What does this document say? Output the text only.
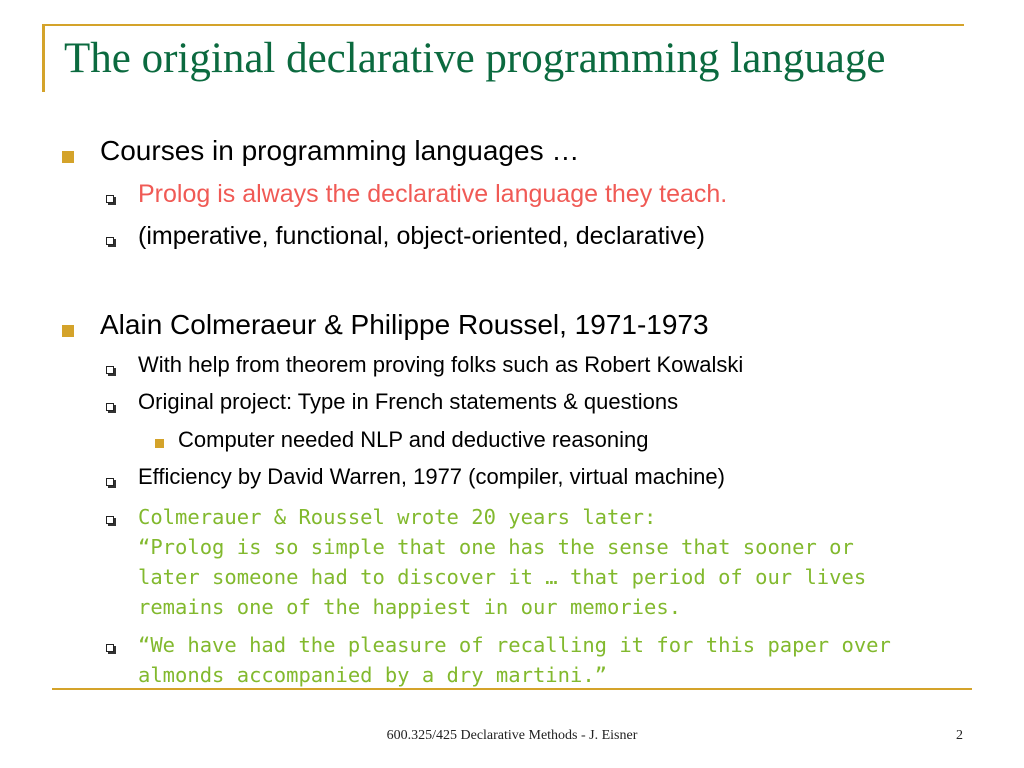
The original declarative programming language
Courses in programming languages …
Prolog is always the declarative language they teach.
(imperative, functional, object-oriented, declarative)
Alain Colmeraeur & Philippe Roussel, 1971-1973
With help from theorem proving folks such as Robert Kowalski
Original project: Type in French statements & questions
Computer needed NLP and deductive reasoning
Efficiency by David Warren, 1977 (compiler, virtual machine)
Colmerauer & Roussel wrote 20 years later:
“Prolog is so simple that one has the sense that sooner or
later someone had to discover it … that period of our lives
remains one of the happiest in our memories.
“We have had the pleasure of recalling it for this paper over
almonds accompanied by a dry martini.”
600.325/425 Declarative Methods - J. Eisner	2
